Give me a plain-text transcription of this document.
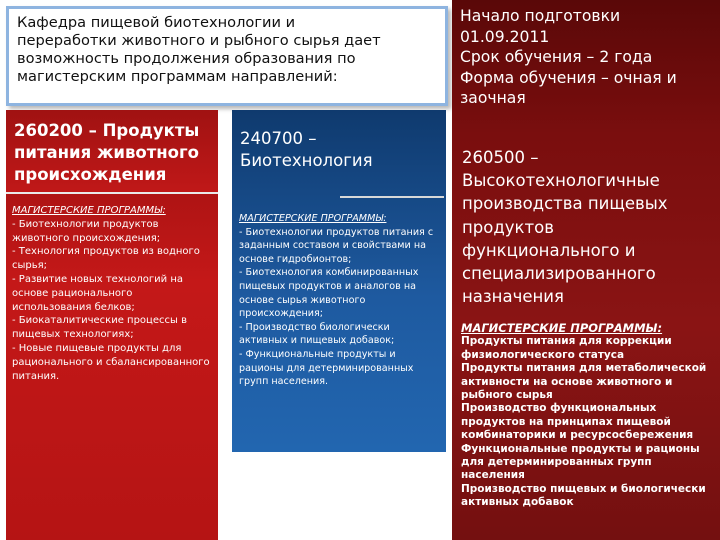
Кафедра пищевой биотехнологии и
переработки животного и рыбного сырья дает
возможность продолжения образования по
магистерским программам направлений:
260200 – Продукты питания животного происхождения
МАГИСТЕРСКИЕ ПРОГРАММЫ:
- Биотехнологии продуктов животного происхождения;
- Технология продуктов из водного сырья;
- Развитие новых технологий на основе рационального использования белков;
- Биокаталитические процессы в пищевых технологиях;
- Новые пищевые продукты для рационального и сбалансированного питания.
240700 – Биотехнология
МАГИСТЕРСКИЕ ПРОГРАММЫ:
- Биотехнологии продуктов питания с заданным составом и свойствами на основе гидробионтов;
- Биотехнология комбинированных пищевых продуктов и аналогов на основе сырья животного происхождения;
- Производство биологически активных и пищевых добавок;
- Функциональные продукты и рационы для детерминированных групп населения.
Начало подготовки
01.09.2011
Срок обучения – 2 года
Форма обучения – очная и заочная
260500 – Высокотехнологичные производства пищевых продуктов функционального и специализированного назначения
МАГИСТЕРСКИЕ ПРОГРАММЫ:
Продукты питания для коррекции физиологического статуса
Продукты питания для метаболической активности на основе животного и рыбного сырья
Производство функциональных продуктов на принципах пищевой комбинаторики и ресурсосбережения
Функциональные продукты и рационы для детерминированных групп населения
Производство пищевых и биологически активных добавок
